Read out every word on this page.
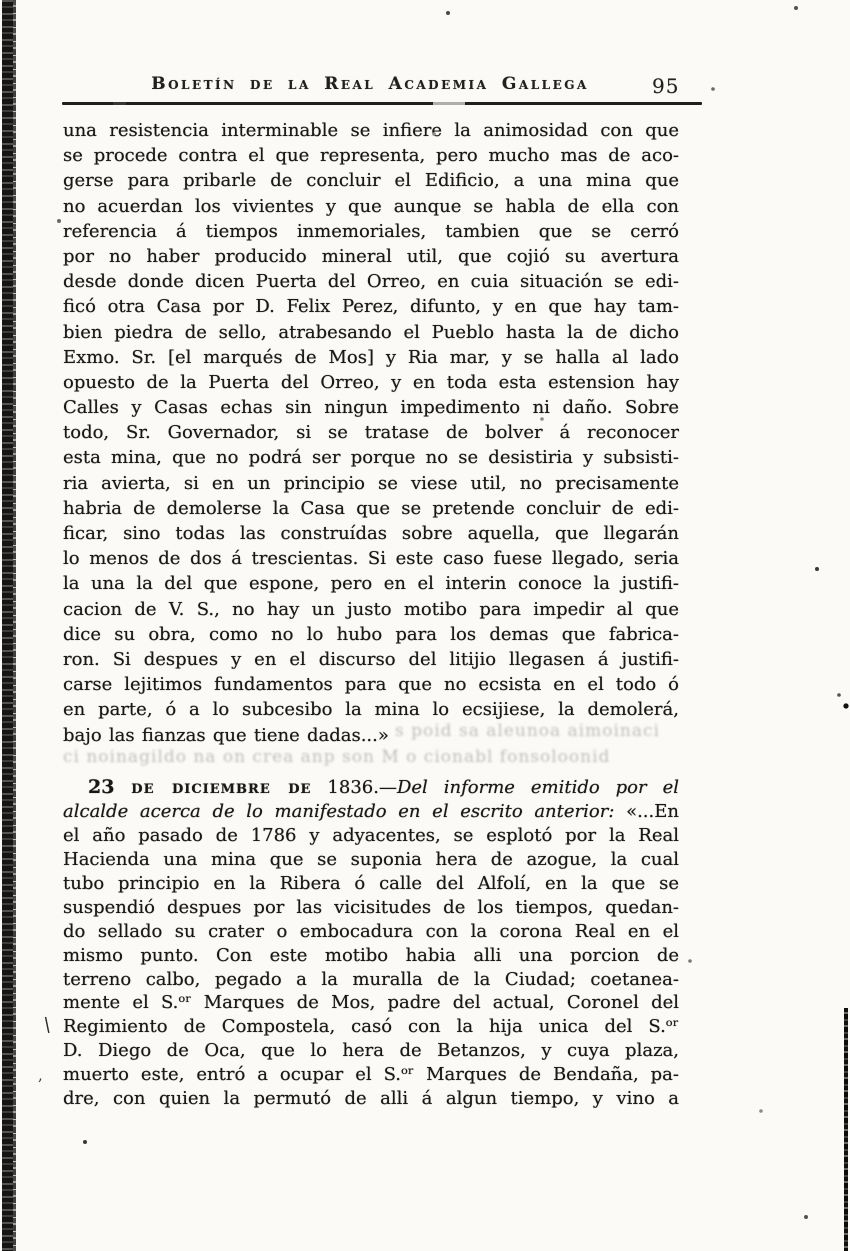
Boletín de la Real Academia Gallega	95
una resistencia interminable se infiere la animosidad con que
se procede contra el que representa, pero mucho mas de aco-
gerse para pribarle de concluir el Edificio, a una mina que
no acuerdan los vivientes y que aunque se habla de ella con
referencia á tiempos inmemoriales, tambien que se cerró
por no haber producido mineral util, que cojió su avertura
desde donde dicen Puerta del Orreo, en cuia situación se edi-
ficó otra Casa por D. Felix Perez, difunto, y en que hay tam-
bien piedra de sello, atrabesando el Pueblo hasta la de dicho
Exmo. Sr. [el marqués de Mos] y Ria mar, y se halla al lado
opuesto de la Puerta del Orreo, y en toda esta estension hay
Calles y Casas echas sin ningun impedimento ni daño. Sobre
todo, Sr. Governador, si se tratase de bolver á reconocer
esta mina, que no podrá ser porque no se desistiria y subsisti-
ria avierta, si en un principio se viese util, no precisamente
habria de demolerse la Casa que se pretende concluir de edi-
ficar, sino todas las construídas sobre aquella, que llegarán
lo menos de dos á trescientas. Si este caso fuese llegado, seria
la una la del que espone, pero en el interin conoce la justifi-
cacion de V. S., no hay un justo motibo para impedir al que
dice su obra, como no lo hubo para los demas que fabrica-
ron. Si despues y en el discurso del litijio llegasen á justifi-
carse lejitimos fundamentos para que no ecsista en el todo ó
en parte, ó a lo subcesibo la mina lo ecsijiese, la demolerá,
bajo las fianzas que tiene dadas...» s poid sa aleunoa aimoinaci
ci noinagildo na on crea anp son M o cionabl fonsoloonid
23 de diciembre de 1836.—Del informe emitido por el
alcalde acerca de lo manifestado en el escrito anterior: «...En
el año pasado de 1786 y adyacentes, se esplotó por la Real
Hacienda una mina que se suponia hera de azogue, la cual
tubo principio en la Ribera ó calle del Alfolí, en la que se
suspendió despues por las vicisitudes de los tiempos, quedan-
do sellado su crater o embocadura con la corona Real en el
mismo punto. Con este motibo habia alli una porcion de
terreno calbo, pegado a la muralla de la Ciudad; coetanea-
mente el S.ᵒʳ Marques de Mos, padre del actual, Coronel del
Regimiento de Compostela, casó con la hija unica del S.ᵒʳ
D. Diego de Oca, que lo hera de Betanzos, y cuya plaza,
muerto este, entró a ocupar el S.ᵒʳ Marques de Bendaña, pa-
dre, con quien la permutó de alli á algun tiempo, y vino a
\
,
